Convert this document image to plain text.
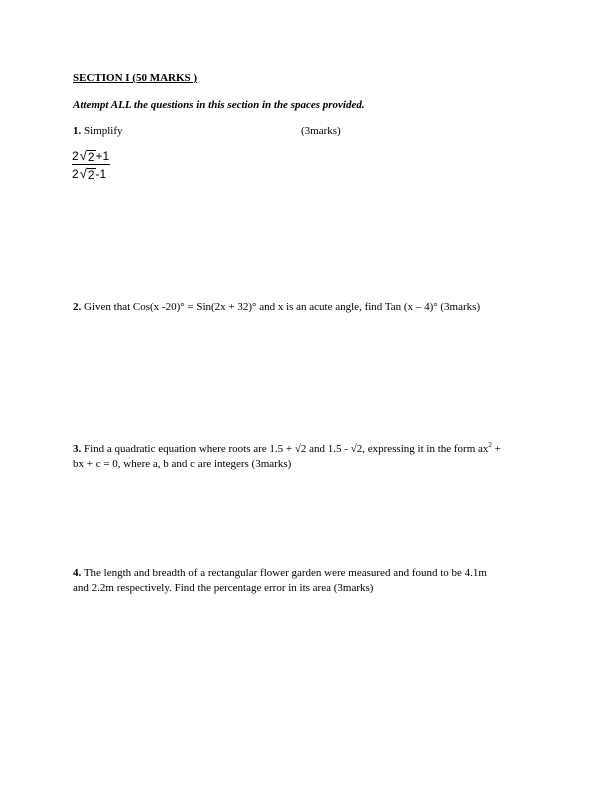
SECTION I (50 MARKS )
Attempt ALL the questions in this section in the spaces provided.
1. Simplify	(3marks)
2 √ 2 +1
2 √ 2 -1
2. Given that Cos(x -20)° = Sin(2x + 32)° and x is an acute angle, find Tan (x – 4)° (3marks)
3. Find a quadratic equation where roots are 1.5 + √2 and 1.5 - √2, expressing it in the form $ax^2$ +
bx + c = 0, where a, b and c are integers (3marks)
4. The length and breadth of a rectangular flower garden were measured and found to be 4.1m
and 2.2m respectively. Find the percentage error in its area (3marks)
